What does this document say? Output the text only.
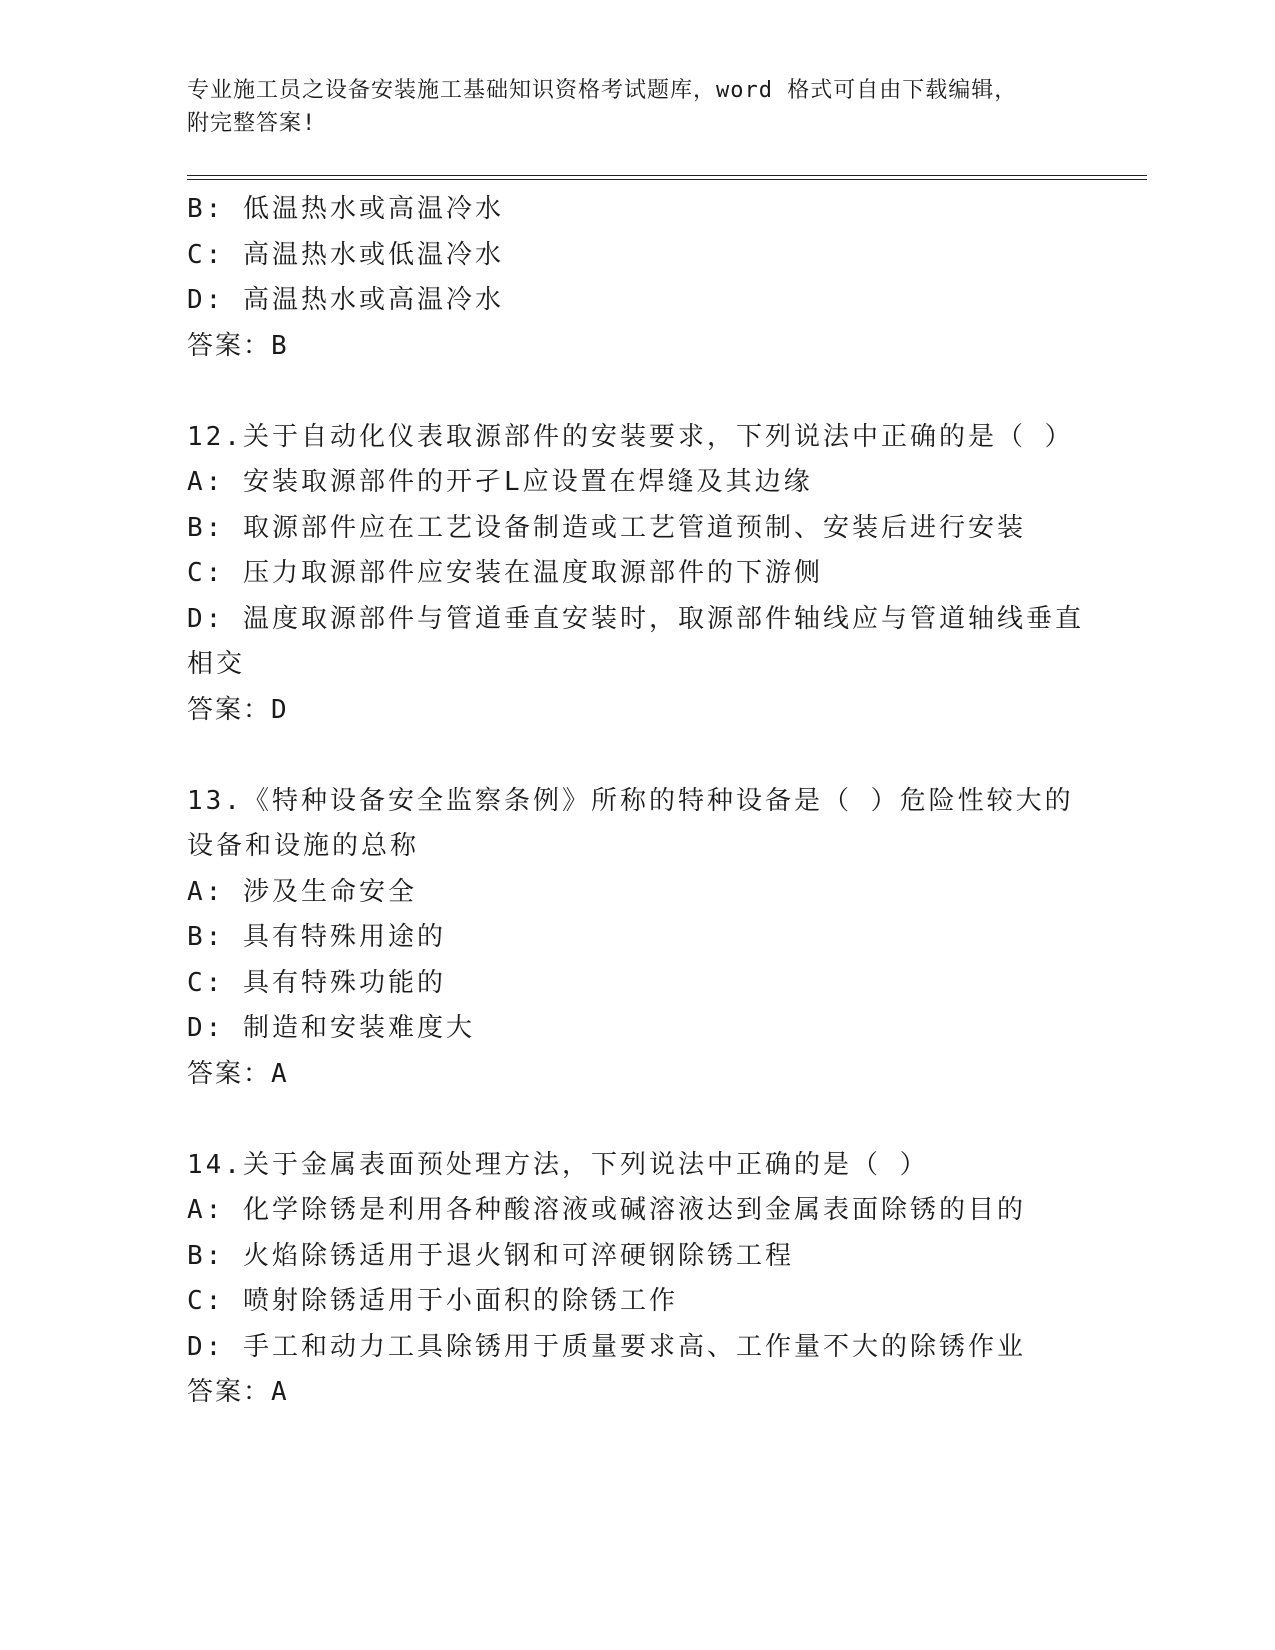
专业施工员之设备安装施工基础知识资格考试题库，word 格式可自由下载编辑，
附完整答案!
B: 低温热水或高温冷水
C: 高温热水或低温冷水
D: 高温热水或高温冷水
答案：B
12.关于自动化仪表取源部件的安装要求，下列说法中正确的是（ ）
A: 安装取源部件的开孑L应设置在焊缝及其边缘
B: 取源部件应在工艺设备制造或工艺管道预制、安装后进行安装
C: 压力取源部件应安装在温度取源部件的下游侧
D: 温度取源部件与管道垂直安装时，取源部件轴线应与管道轴线垂直
相交
答案：D
13.《特种设备安全监察条例》所称的特种设备是（ ）危险性较大的
设备和设施的总称
A: 涉及生命安全
B: 具有特殊用途的
C: 具有特殊功能的
D: 制造和安装难度大
答案：A
14.关于金属表面预处理方法，下列说法中正确的是（ ）
A: 化学除锈是利用各种酸溶液或碱溶液达到金属表面除锈的目的
B: 火焰除锈适用于退火钢和可淬硬钢除锈工程
C: 喷射除锈适用于小面积的除锈工作
D: 手工和动力工具除锈用于质量要求高、工作量不大的除锈作业
答案：A
